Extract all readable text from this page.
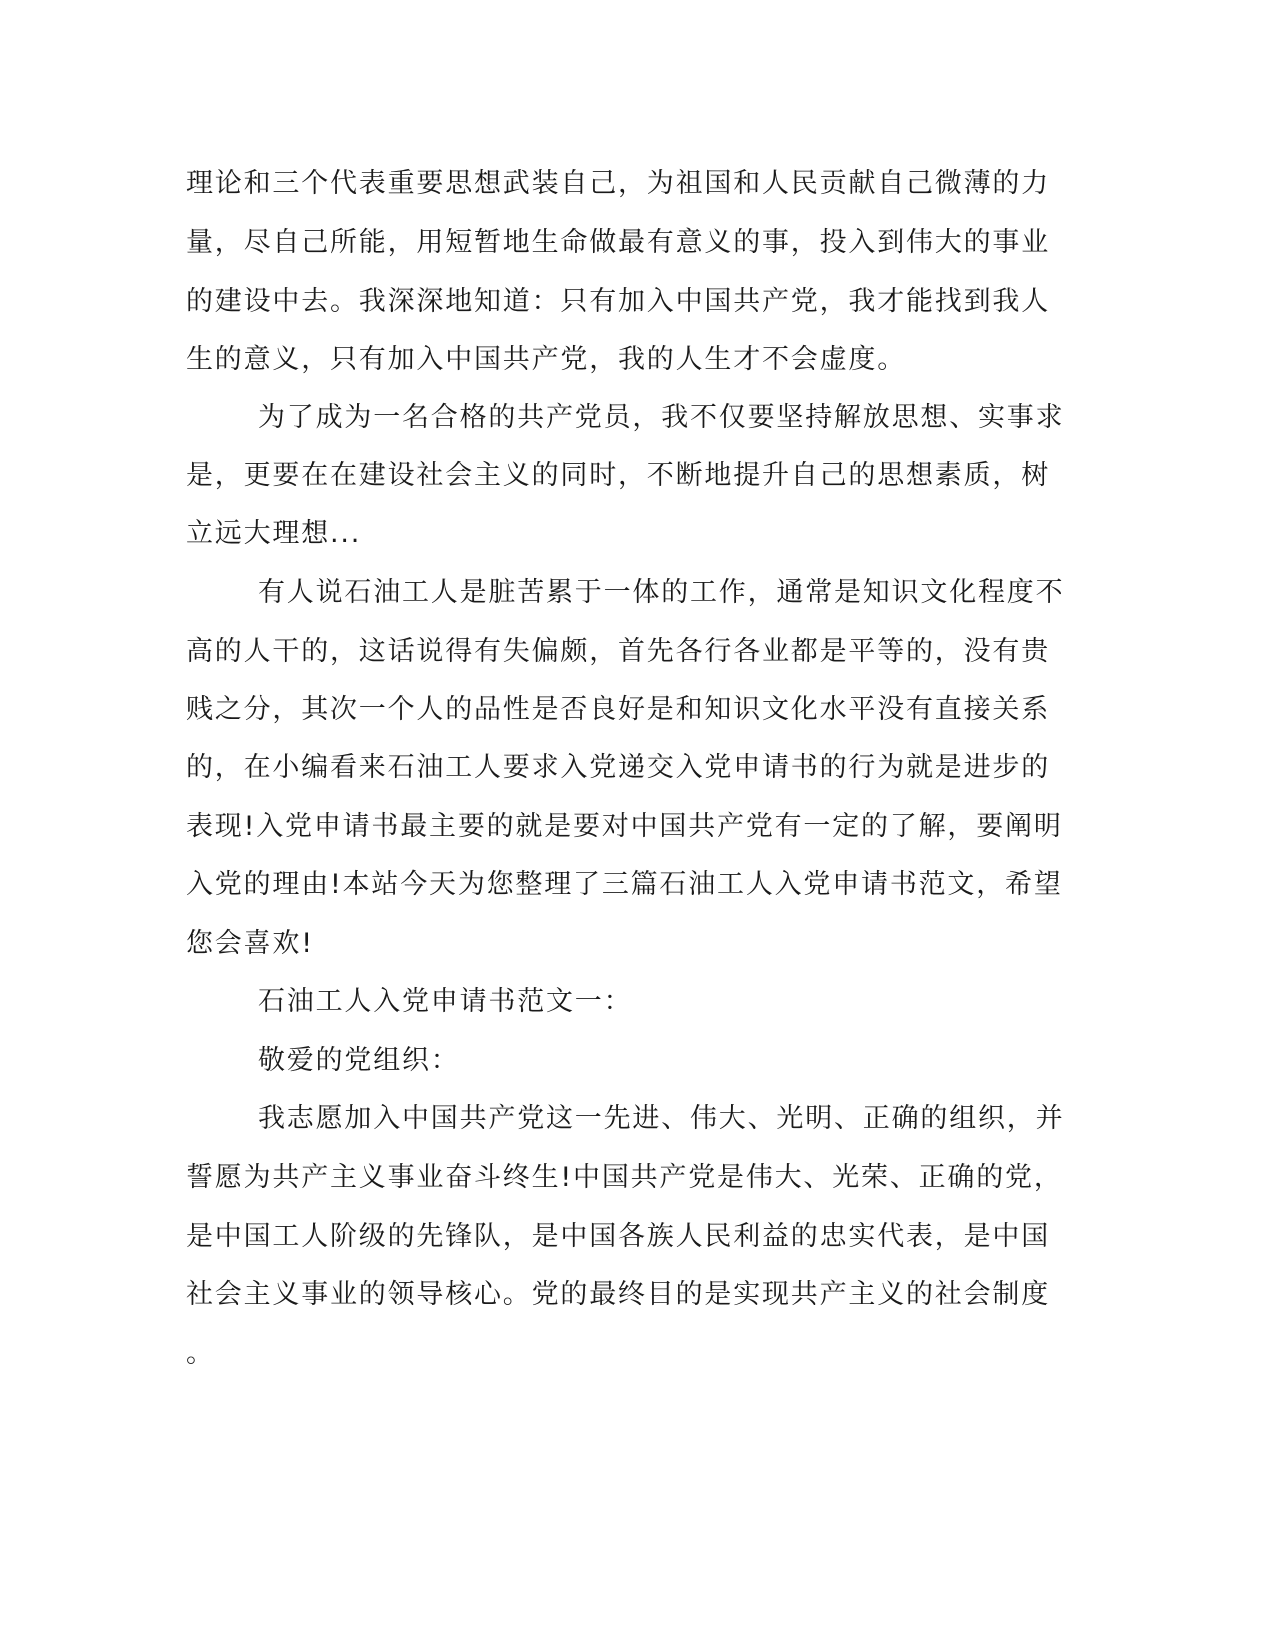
理论和三个代表重要思想武装自己，为祖国和人民贡献自己微薄的力
量，尽自己所能，用短暂地生命做最有意义的事，投入到伟大的事业
的建设中去。我深深地知道：只有加入中国共产党，我才能找到我人
生的意义，只有加入中国共产党，我的人生才不会虚度。
为了成为一名合格的共产党员，我不仅要坚持解放思想、实事求
是，更要在在建设社会主义的同时，不断地提升自己的思想素质，树
立远大理想...
有人说石油工人是脏苦累于一体的工作，通常是知识文化程度不
高的人干的，这话说得有失偏颇，首先各行各业都是平等的，没有贵
贱之分，其次一个人的品性是否良好是和知识文化水平没有直接关系
的，在小编看来石油工人要求入党递交入党申请书的行为就是进步的
表现!入党申请书最主要的就是要对中国共产党有一定的了解，要阐明
入党的理由!本站今天为您整理了三篇石油工人入党申请书范文，希望
您会喜欢!
石油工人入党申请书范文一：
敬爱的党组织：
我志愿加入中国共产党这一先进、伟大、光明、正确的组织，并
誓愿为共产主义事业奋斗终生!中国共产党是伟大、光荣、正确的党，
是中国工人阶级的先锋队，是中国各族人民利益的忠实代表，是中国
社会主义事业的领导核心。党的最终目的是实现共产主义的社会制度
。
